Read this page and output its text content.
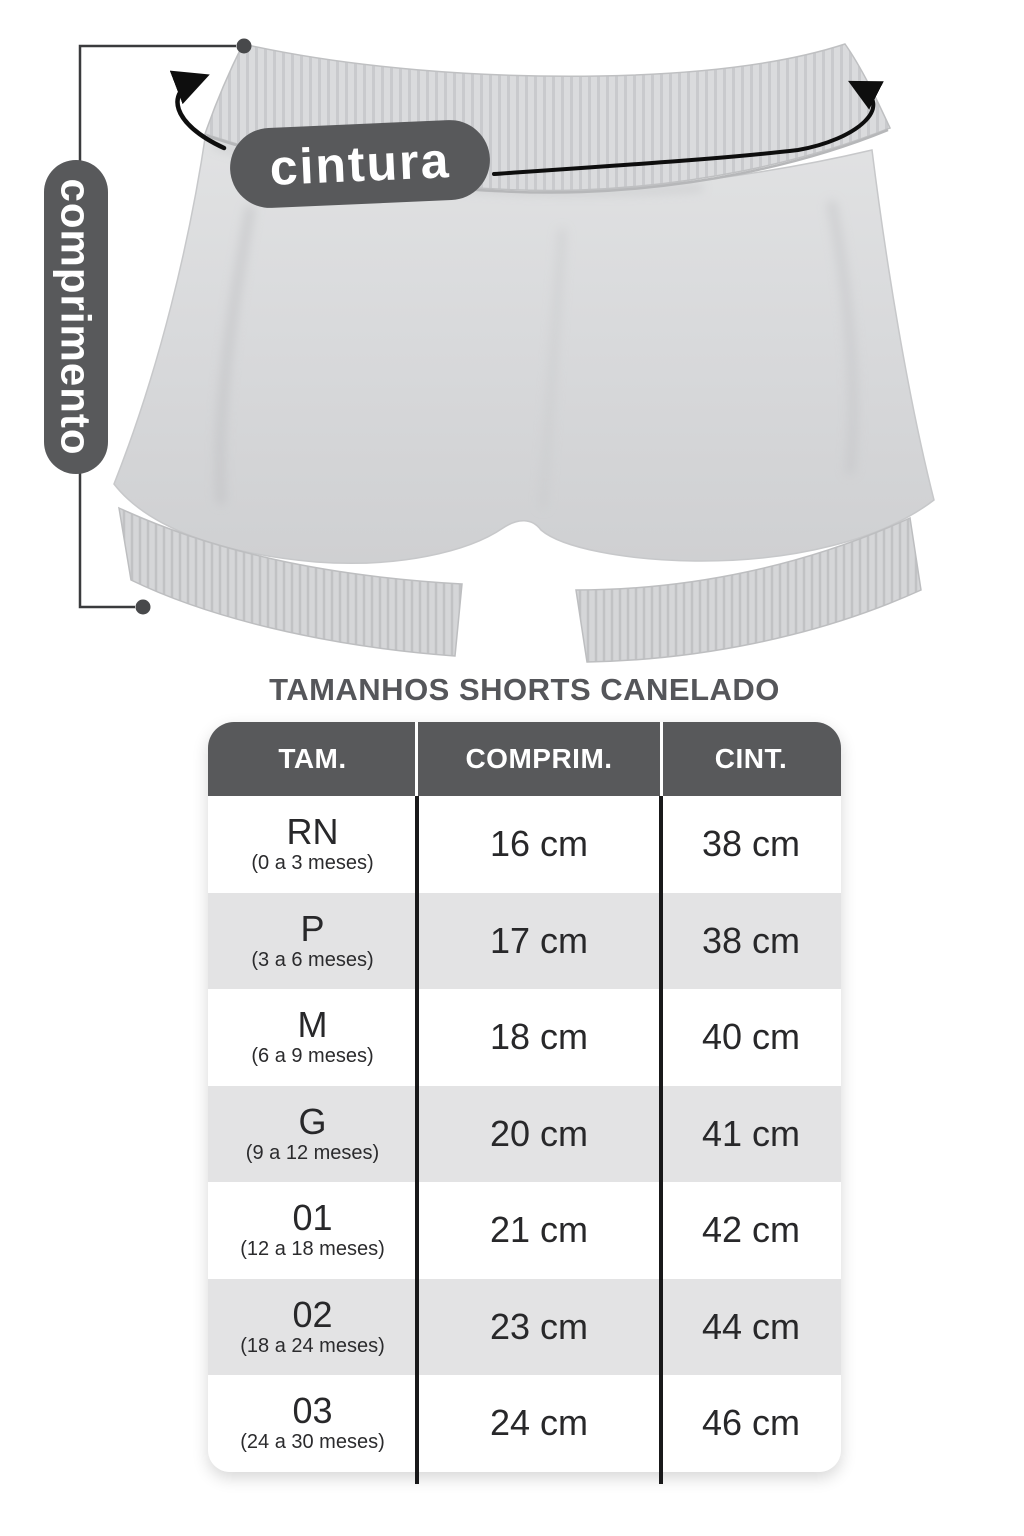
cintura
comprimento
TAMANHOS SHORTS CANELADO
TAM.	COMPRIM.	CINT.
RN
(0 a 3 meses)	16 cm	38 cm
P
(3 a 6 meses)	17 cm	38 cm
M
(6 a 9 meses)	18 cm	40 cm
G
(9 a 12 meses)	20 cm	41 cm
01
(12 a 18 meses)	21 cm	42 cm
02
(18 a 24 meses)	23 cm	44 cm
03
(24 a 30 meses)	24 cm	46 cm
